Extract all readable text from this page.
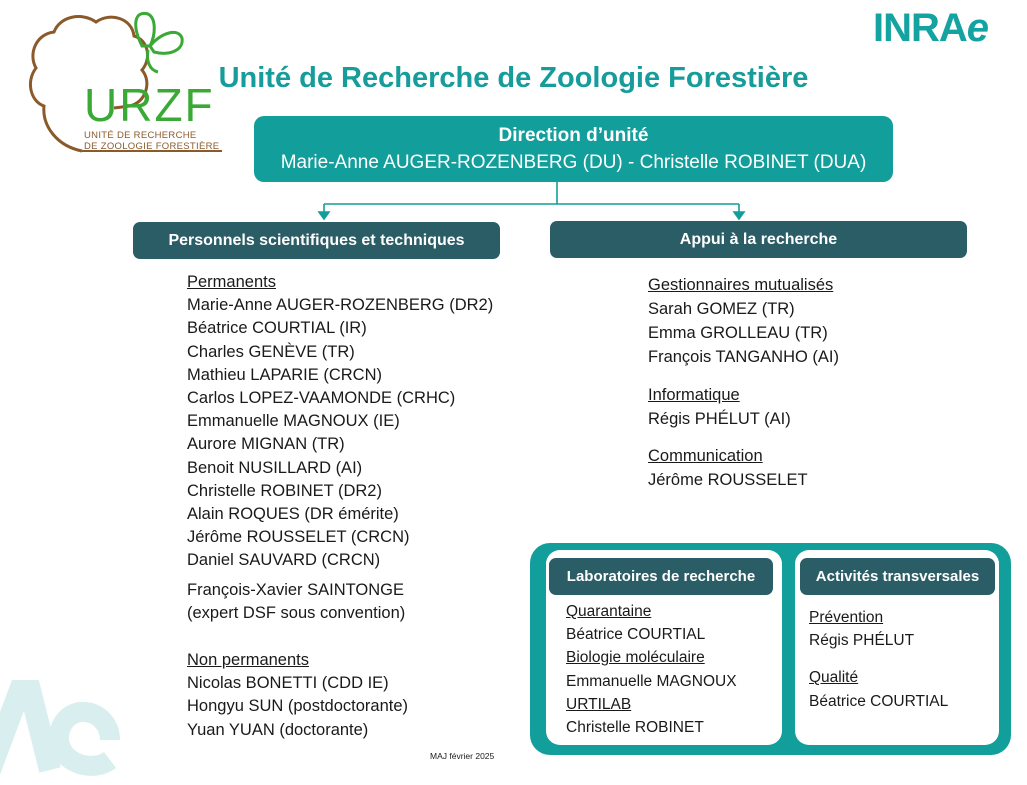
URZF
UNITÉ DE RECHERCHE
DE ZOOLOGIE FORESTIÈRE
INRAe
Unité de Recherche de Zoologie Forestière
Direction d’unité
Marie-Anne AUGER-ROZENBERG (DU) - Christelle ROBINET (DUA)
Personnels scientifiques et techniques	Appui à la recherche
Permanents
Marie-Anne AUGER-ROZENBERG (DR2)
Béatrice COURTIAL (IR)
Charles GENÈVE (TR)
Mathieu LAPARIE (CRCN)
Carlos LOPEZ-VAAMONDE (CRHC)
Emmanuelle MAGNOUX (IE)
Aurore MIGNAN (TR)
Benoit NUSILLARD (AI)
Christelle ROBINET (DR2)
Alain ROQUES (DR émérite)
Jérôme ROUSSELET (CRCN)
Daniel SAUVARD (CRCN)
François-Xavier SAINTONGE
(expert DSF sous convention)
Non permanents
Nicolas BONETTI (CDD IE)
Hongyu SUN (postdoctorante)
Yuan YUAN (doctorante)
Gestionnaires mutualisés
Sarah GOMEZ (TR)
Emma GROLLEAU (TR)
François TANGANHO (AI)
Informatique
Régis PHÉLUT (AI)
Communication
Jérôme ROUSSELET
Laboratoires de recherche
Quarantaine
Béatrice COURTIAL
Biologie moléculaire
Emmanuelle MAGNOUX
URTILAB
Christelle ROBINET
Activités transversales
Prévention
Régis PHÉLUT
Qualité
Béatrice COURTIAL
MAJ février 2025
